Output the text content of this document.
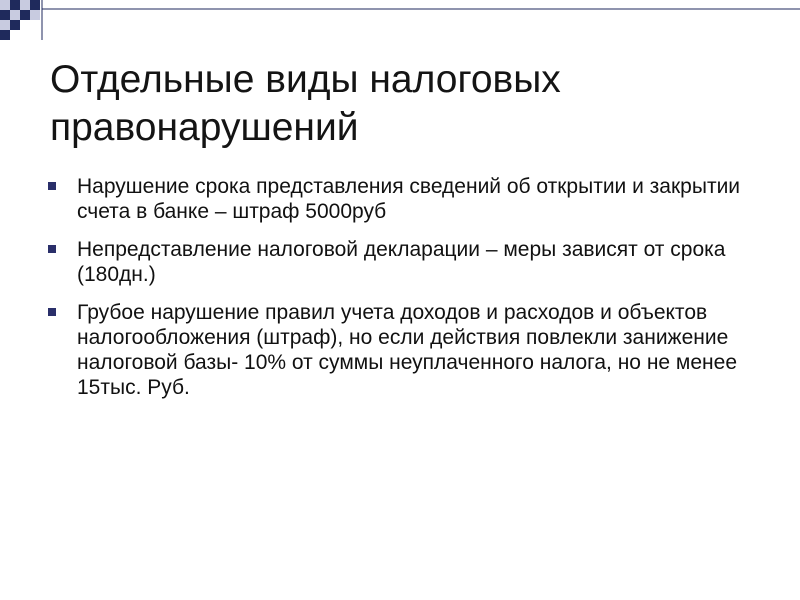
Отдельные виды налоговых правонарушений
Нарушение срока представления сведений об открытии и закрытии счета в банке – штраф 5000руб
Непредставление налоговой декларации – меры зависят от срока (180дн.)
Грубое нарушение правил учета доходов и расходов и объектов налогообложения (штраф), но если действия повлекли занижение налоговой базы- 10% от суммы неуплаченного налога, но не менее 15тыс. Руб.
